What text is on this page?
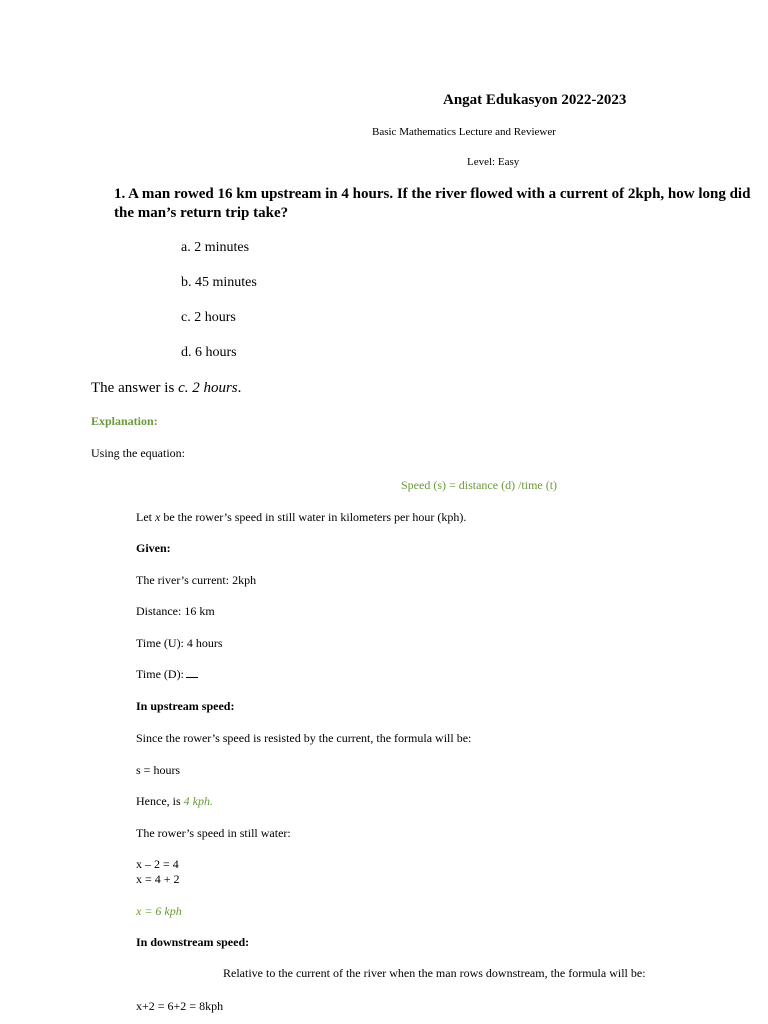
Angat Edukasyon 2022-2023
Basic Mathematics Lecture and Reviewer
Level: Easy
1. A man rowed 16 km upstream in 4 hours. If the river flowed with a current of 2kph, how long did the man’s return trip take?
a. 2 minutes
b. 45 minutes
c. 2 hours
d. 6 hours
The answer is c. 2 hours.
Explanation:
Using the equation:
Speed (s) = distance (d) /time (t)
Let x be the rower’s speed in still water in kilometers per hour (kph).
Given:
The river’s current: 2kph
Distance: 16 km
Time (U): 4 hours
Time (D):
In upstream speed:
Since the rower’s speed is resisted by the current, the formula will be:
s = hours
Hence, is 4 kph.
The rower’s speed in still water:
x – 2 = 4
x = 4 + 2
x = 6 kph
In downstream speed:
Relative to the current of the river when the man rows downstream, the formula will be:
x+2 = 6+2 = 8kph
